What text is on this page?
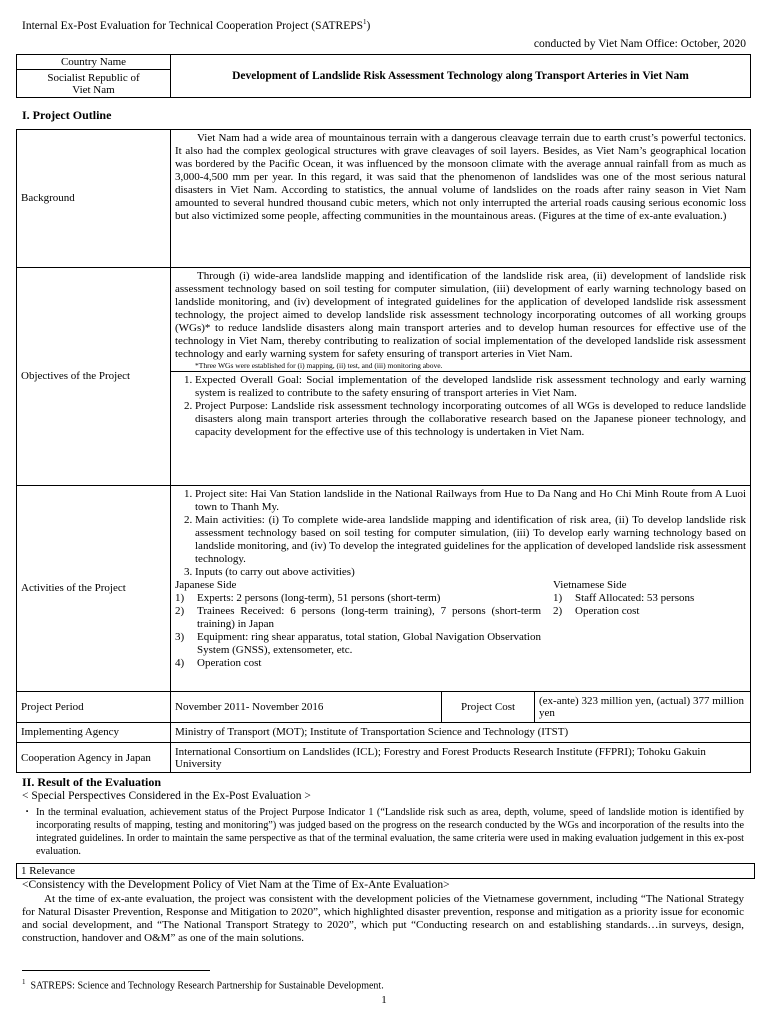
Internal Ex-Post Evaluation for Technical Cooperation Project (SATREPS$^1$)
conducted by Viet Nam Office: October, 2020
Country Name	Development of Landslide Risk Assessment Technology along Transport Arteries in Viet Nam
Socialist Republic of Viet Nam
I. Project Outline
Background	Viet Nam had a wide area of mountainous terrain with a dangerous cleavage terrain due to earth crust’s powerful tectonics. It also had the complex geological structures with grave cleavages of soil layers. Besides, as Viet Nam’s geographical location was bordered by the Pacific Ocean, it was influenced by the monsoon climate with the average annual rainfall from as much as 3,000-4,500 mm per year. In this regard, it was said that the phenomenon of landslides was one of the most serious natural disasters in Viet Nam. According to statistics, the annual volume of landslides on the roads after rainy season in Viet Nam amounted to several hundred thousand cubic meters, which not only interrupted the arterial roads causing serious economic loss but also victimized some people, affecting communities in the mountainous areas. (Figures at the time of ex-ante evaluation.)
Objectives of the Project	
Through (i) wide-area landslide mapping and identification of the landslide risk area, (ii) development of landslide risk assessment technology based on soil testing for computer simulation, (iii) development of early warning technology based on landslide monitoring, and (iv) development of integrated guidelines for the application of developed landslide risk assessment technology, the project aimed to develop landslide risk assessment technology incorporating outcomes of all working groups (WGs)* to reduce landslide disasters along main transport arteries and to develop human resources for effective use of the technology in Viet Nam, thereby contributing to realization of social implementation of the developed landslide risk assessment technology and early warning system for safety ensuring of transport arteries in Viet Nam.
*Three WGs were established for (i) mapping, (ii) test, and (iii) monitoring above.
1. Expected Overall Goal: Social implementation of the developed landslide risk assessment technology and early warning system is realized to contribute to the safety ensuring of transport arteries in Viet Nam.
2. Project Purpose: Landslide risk assessment technology incorporating outcomes of all WGs is developed to reduce landslide disasters along main transport arteries through the collaborative research based on the Japanese pioneer technology, and capacity development for the effective use of this technology is undertaken in Viet Nam.

Activities of the Project	
1. Project site: Hai Van Station landslide in the National Railways from Hue to Da Nang and Ho Chi Minh Route from A Luoi town to Thanh My.
2. Main activities: (i) To complete wide-area landslide mapping and identification of risk area, (ii) To develop landslide risk assessment technology based on soil testing for computer simulation, (iii) To develop early warning technology based on landslide monitoring, and (iv) To develop the integrated guidelines for the application of developed landslide risk assessment technology.
3. Inputs (to carry out above activities)
Japanese Side
1)	Experts: 2 persons (long-term), 51 persons (short-term)
2)	Trainees Received: 6 persons (long-term training), 7 persons (short-term training) in Japan
3)	Equipment: ring shear apparatus, total station, Global Navigation Observation System (GNSS), extensometer, etc.
4)	Operation cost
Vietnamese Side
1)	Staff Allocated: 53 persons
2)	Operation cost

Project Period		November 2011- November 2016	Project Cost	(ex-ante) 323 million yen, (actual) 377 million yen

Implementing Agency	Ministry of Transport (MOT); Institute of Transportation Science and Technology (ITST)
Cooperation Agency in Japan	International Consortium on Landslides (ICL); Forestry and Forest Products Research Institute (FFPRI); Tohoku Gakuin University
II. Result of the Evaluation
< Special Perspectives Considered in the Ex-Post Evaluation >
・ In the terminal evaluation, achievement status of the Project Purpose Indicator 1 (“Landslide risk such as area, depth, volume, speed of landslide motion is identified by incorporating results of mapping, testing and monitoring”) was judged based on the progress on the research conducted by the WGs and incorporation of the results into the integrated guidelines. In order to maintain the same perspective as that of the terminal evaluation, the same criteria were used in making evaluation judgement in this ex-post evaluation.
1 Relevance
<Consistency with the Development Policy of Viet Nam at the Time of Ex-Ante Evaluation>
At the time of ex-ante evaluation, the project was consistent with the development policies of the Vietnamese government, including “The National Strategy for Natural Disaster Prevention, Response and Mitigation to 2020”, which highlighted disaster prevention, response and mitigation as a priority issue for economic and social development, and “The National Transport Strategy to 2020”, which put “Conducting research on and establishing standards…in surveys, design, construction, handover and O&M” as one of the main solutions.
$^1$ SATREPS: Science and Technology Research Partnership for Sustainable Development.
1
